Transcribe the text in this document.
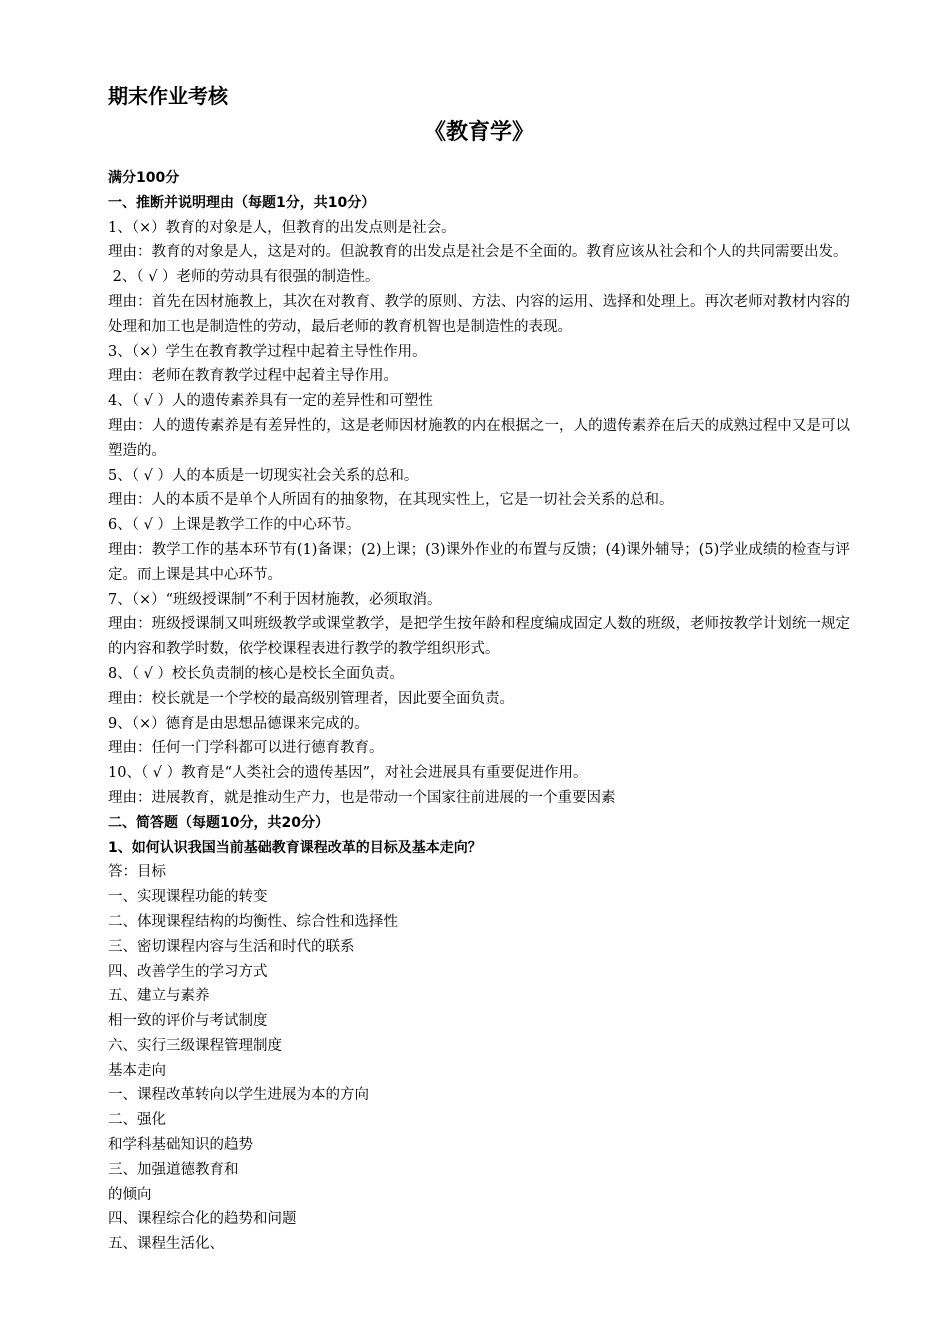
期末作业考核

《教育学》

满分100分

一、推断并说明理由（每题1分，共10分）

1、（×）教育的对象是人，但教育的出发点则是社会。

理由：教育的对象是人，这是对的。但說教育的出发点是社会是不全面的。教育应该从社会和个人的共同需要出发。

2、（ √ ）老师的劳动具有很强的制造性。

理由：首先在因材施教上，其次在对教育、教学的原则、方法、内容的运用、选择和处理上。再次老师对教材内容的处理和加工也是制造性的劳动，最后老师的教育机智也是制造性的表现。

3、（×）学生在教育教学过程中起着主导性作用。

理由：老师在教育教学过程中起着主导作用。

4、（ √ ）人的遗传素养具有一定的差异性和可塑性

理由：人的遗传素养是有差异性的，这是老师因材施教的内在根据之一，人的遗传素养在后天的成熟过程中又是可以塑造的。

5、（ √ ）人的本质是一切现实社会关系的总和。

理由：人的本质不是单个人所固有的抽象物，在其现实性上，它是一切社会关系的总和。

6、（ √ ）上课是教学工作的中心环节。

理由：教学工作的基本环节有(1)备课；(2)上课；(3)课外作业的布置与反馈；(4)课外辅导；(5)学业成绩的检查与评定。而上课是其中心环节。

7、（×）“班级授课制”不利于因材施教，必须取消。

理由：班级授课制又叫班级教学或课堂教学，是把学生按年龄和程度编成固定人数的班级，老师按教学计划统一规定的内容和教学时数，依学校课程表进行教学的教学组织形式。

8、（ √ ）校长负责制的核心是校长全面负责。

理由：校长就是一个学校的最高级别管理者，因此要全面负责。

9、（×）德育是由思想品德课来完成的。

理由：任何一门学科都可以进行德育教育。

10、（ √ ）教育是“人类社会的遗传基因”，对社会进展具有重要促进作用。

理由：进展教育，就是推动生产力，也是带动一个国家往前进展的一个重要因素

二、简答题（每题10分，共20分）

1、如何认识我国当前基础教育课程改革的目标及基本走向？

答：目标

一、实现课程功能的转变

二、体现课程结构的均衡性、综合性和选择性

三、密切课程内容与生活和时代的联系

四、改善学生的学习方式

五、建立与素养

相一致的评价与考试制度

六、实行三级课程管理制度

基本走向

一、课程改革转向以学生进展为本的方向

二、强化

和学科基础知识的趋势

三、加强道德教育和

的倾向

四、课程综合化的趋势和问题

五、课程生活化、
